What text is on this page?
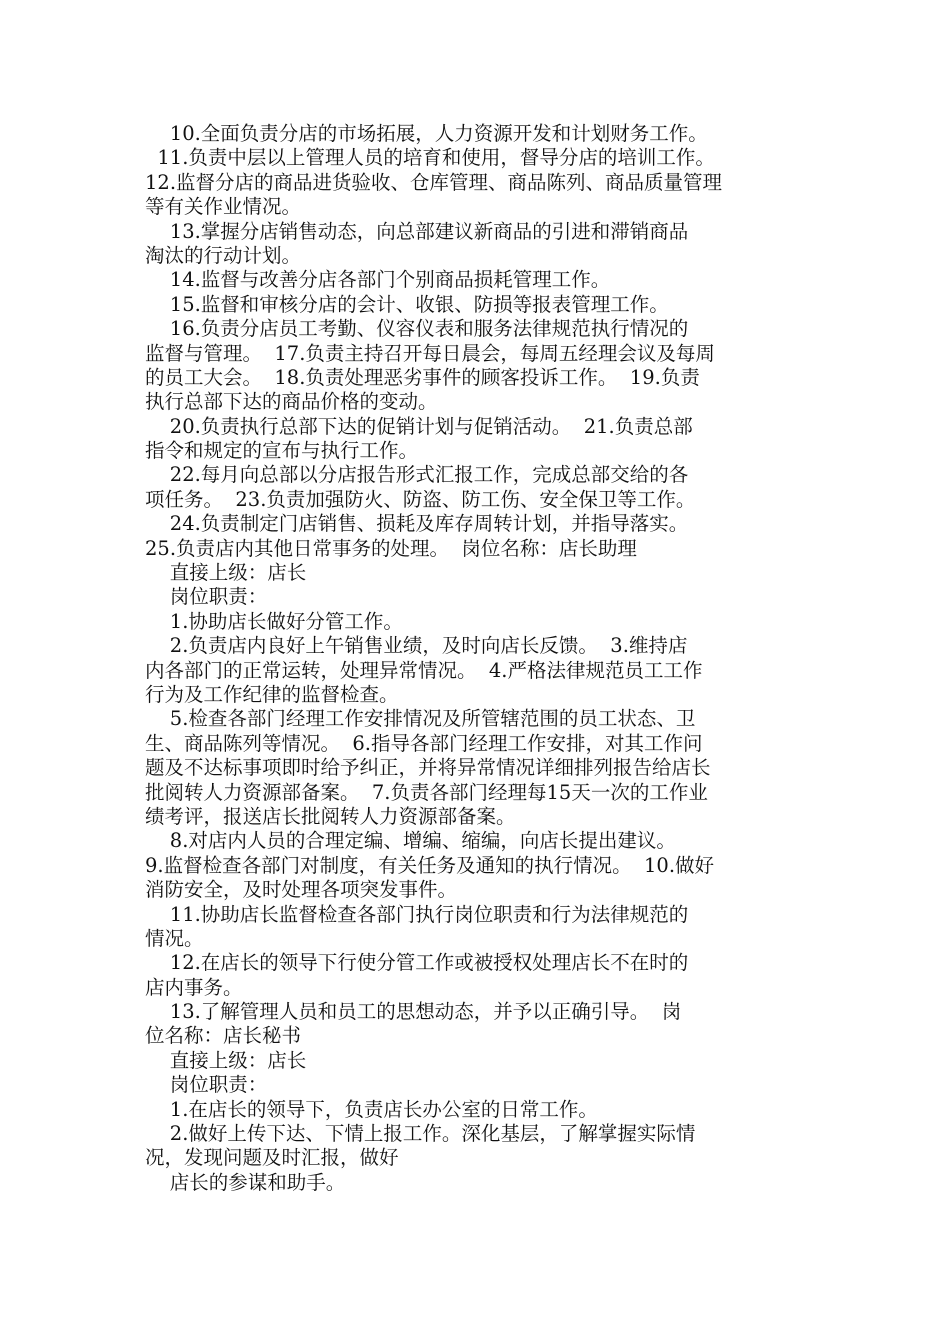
10.全面负责分店的市场拓展，人力资源开发和计划财务工作。
11.负责中层以上管理人员的培育和使用，督导分店的培训工作。
12.监督分店的商品进货验收、仓库管理、商品陈列、商品质量管理
等有关作业情况。
13.掌握分店销售动态，向总部建议新商品的引进和滞销商品
淘汰的行动计划。
14.监督与改善分店各部门个别商品损耗管理工作。
15.监督和审核分店的会计、收银、防损等报表管理工作。
16.负责分店员工考勤、仪容仪表和服务法律规范执行情况的
监督与管理。  17.负责主持召开每日晨会，每周五经理会议及每周
的员工大会。  18.负责处理恶劣事件的顾客投诉工作。  19.负责
执行总部下达的商品价格的变动。
20.负责执行总部下达的促销计划与促销活动。  21.负责总部
指令和规定的宣布与执行工作。
22.每月向总部以分店报告形式汇报工作，完成总部交给的各
项任务。  23.负责加强防火、防盗、防工伤、安全保卫等工作。
24.负责制定门店销售、损耗及库存周转计划，并指导落实。
25.负责店内其他日常事务的处理。  岗位名称：店长助理
直接上级：店长
岗位职责：
1.协助店长做好分管工作。
2.负责店内良好上午销售业绩，及时向店长反馈。  3.维持店
内各部门的正常运转，处理异常情况。  4.严格法律规范员工工作
行为及工作纪律的监督检查。
5.检查各部门经理工作安排情况及所管辖范围的员工状态、卫
生、商品陈列等情况。  6.指导各部门经理工作安排，对其工作问
题及不达标事项即时给予纠正，并将异常情况详细排列报告给店长
批阅转人力资源部备案。  7.负责各部门经理每15天一次的工作业
绩考评，报送店长批阅转人力资源部备案。
8.对店内人员的合理定编、增编、缩编，向店长提出建议。
9.监督检查各部门对制度，有关任务及通知的执行情况。  10.做好
消防安全，及时处理各项突发事件。
11.协助店长监督检查各部门执行岗位职责和行为法律规范的
情况。
12.在店长的领导下行使分管工作或被授权处理店长不在时的
店内事务。
13.了解管理人员和员工的思想动态，并予以正确引导。  岗
位名称：店长秘书
直接上级：店长
岗位职责：
1.在店长的领导下，负责店长办公室的日常工作。
2.做好上传下达、下情上报工作。深化基层，了解掌握实际情
况，发现问题及时汇报，做好
店长的参谋和助手。
